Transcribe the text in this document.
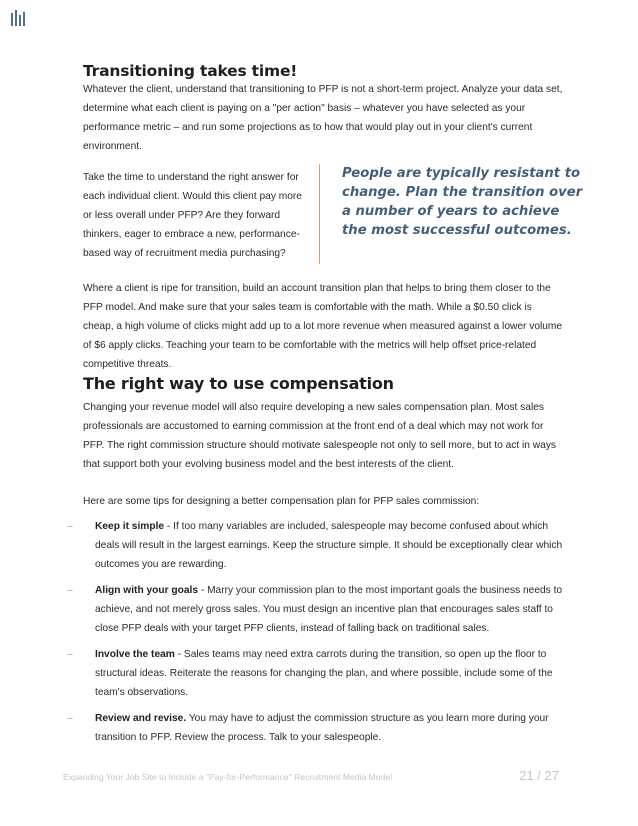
Transitioning takes time!

Whatever the client, understand that transitioning to PFP is not a short-term project. Analyze your data set, determine what each client is paying on a "per action" basis – whatever you have selected as your performance metric – and run some projections as to how that would play out in your client's current environment.

Take the time to understand the right answer for each individual client. Would this client pay more or less overall under PFP? Are they forward thinkers, eager to embrace a new, performance-based way of recruitment media purchasing?

People are typically resistant to change. Plan the transition over a number of years to achieve the most successful outcomes.

Where a client is ripe for transition, build an account transition plan that helps to bring them closer to the PFP model. And make sure that your sales team is comfortable with the math. While a $0.50 click is cheap, a high volume of clicks might add up to a lot more revenue when measured against a lower volume of $6 apply clicks. Teaching your team to be comfortable with the metrics will help offset price-related competitive threats.

The right way to use compensation

Changing your revenue model will also require developing a new sales compensation plan. Most sales professionals are accustomed to earning commission at the front end of a deal which may not work for PFP. The right commission structure should motivate salespeople not only to sell more, but to act in ways that support both your evolving business model and the best interests of the client.

Here are some tips for designing a better compensation plan for PFP sales commission:

– Keep it simple - If too many variables are included, salespeople may become confused about which deals will result in the largest earnings. Keep the structure simple. It should be exceptionally clear which outcomes you are rewarding.
– Align with your goals - Marry your commission plan to the most important goals the business needs to achieve, and not merely gross sales. You must design an incentive plan that encourages sales staff to close PFP deals with your target PFP clients, instead of falling back on traditional sales.
– Involve the team - Sales teams may need extra carrots during the transition, so open up the floor to structural ideas. Reiterate the reasons for changing the plan, and where possible, include some of the team's observations.
– Review and revise. You may have to adjust the commission structure as you learn more during your transition to PFP. Review the process. Talk to your salespeople.
Expanding Your Job Site to Include a "Pay-for-Performance" Recruitment Media Model	21 / 27
